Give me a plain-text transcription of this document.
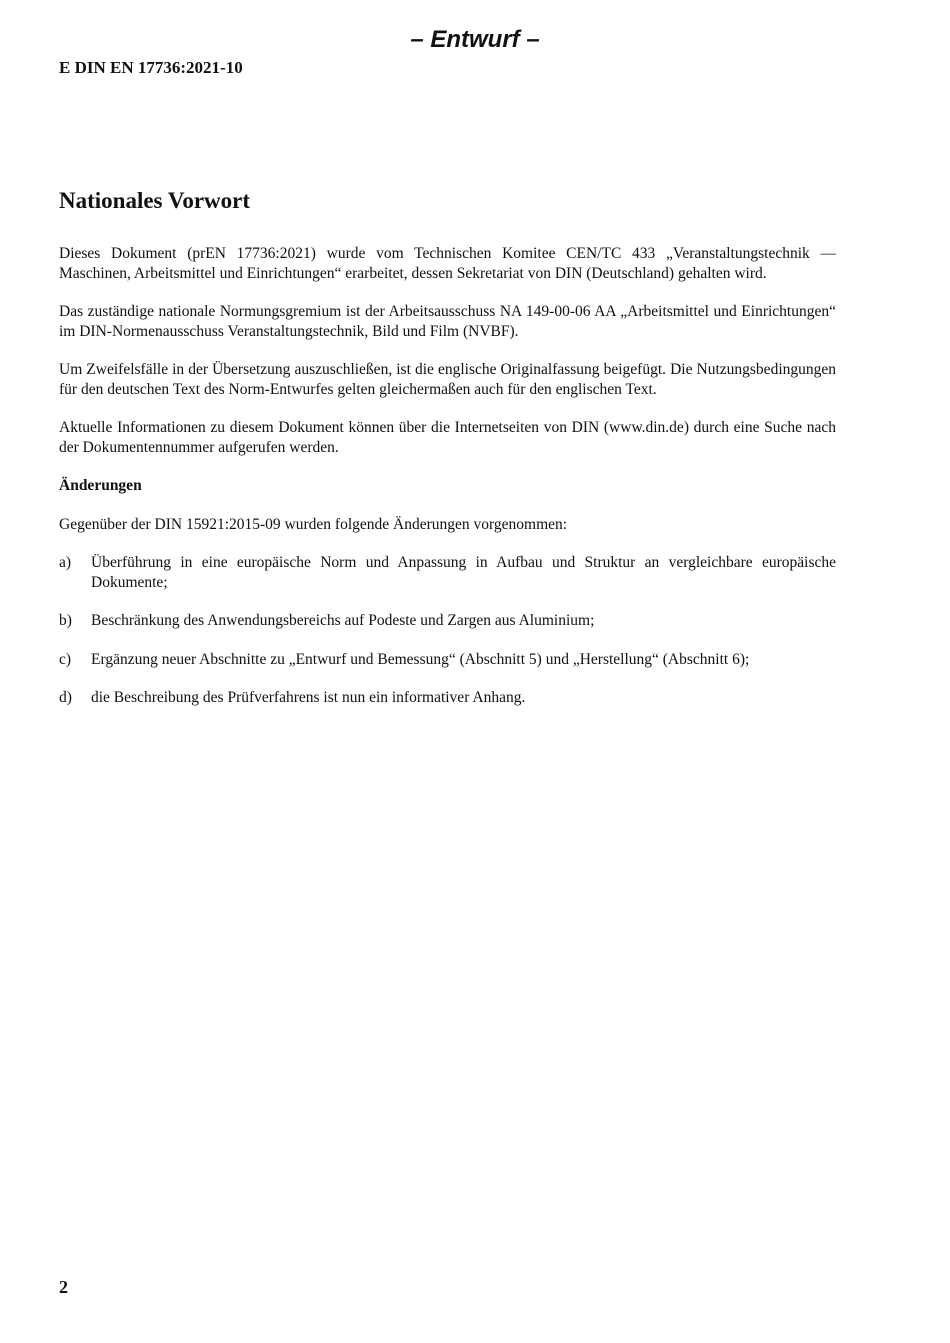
– Entwurf –
E DIN EN 17736:2021-10
Nationales Vorwort

Dieses Dokument (prEN 17736:2021) wurde vom Technischen Komitee CEN/TC 433 „Veranstaltungstechnik — Maschinen, Arbeitsmittel und Einrichtungen“ erarbeitet, dessen Sekretariat von DIN (Deutschland) gehalten wird.

Das zuständige nationale Normungsgremium ist der Arbeitsausschuss NA 149-00-06 AA „Arbeitsmittel und Einrichtungen“ im DIN-Normenausschuss Veranstaltungstechnik, Bild und Film (NVBF).

Um Zweifelsfälle in der Übersetzung auszuschließen, ist die englische Originalfassung beigefügt. Die Nutzungsbedingungen für den deutschen Text des Norm-Entwurfes gelten gleichermaßen auch für den englischen Text.

Aktuelle Informationen zu diesem Dokument können über die Internetseiten von DIN (www.din.de) durch eine Suche nach der Dokumentennummer aufgerufen werden.

Änderungen

Gegenüber der DIN 15921:2015-09 wurden folgende Änderungen vorgenommen:

a)	Überführung in eine europäische Norm und Anpassung in Aufbau und Struktur an vergleichbare europäische Dokumente;
b)	Beschränkung des Anwendungsbereichs auf Podeste und Zargen aus Aluminium;
c)	Ergänzung neuer Abschnitte zu „Entwurf und Bemessung“ (Abschnitt 5) und „Herstellung“ (Abschnitt 6);
d)	die Beschreibung des Prüfverfahrens ist nun ein informativer Anhang.
2
